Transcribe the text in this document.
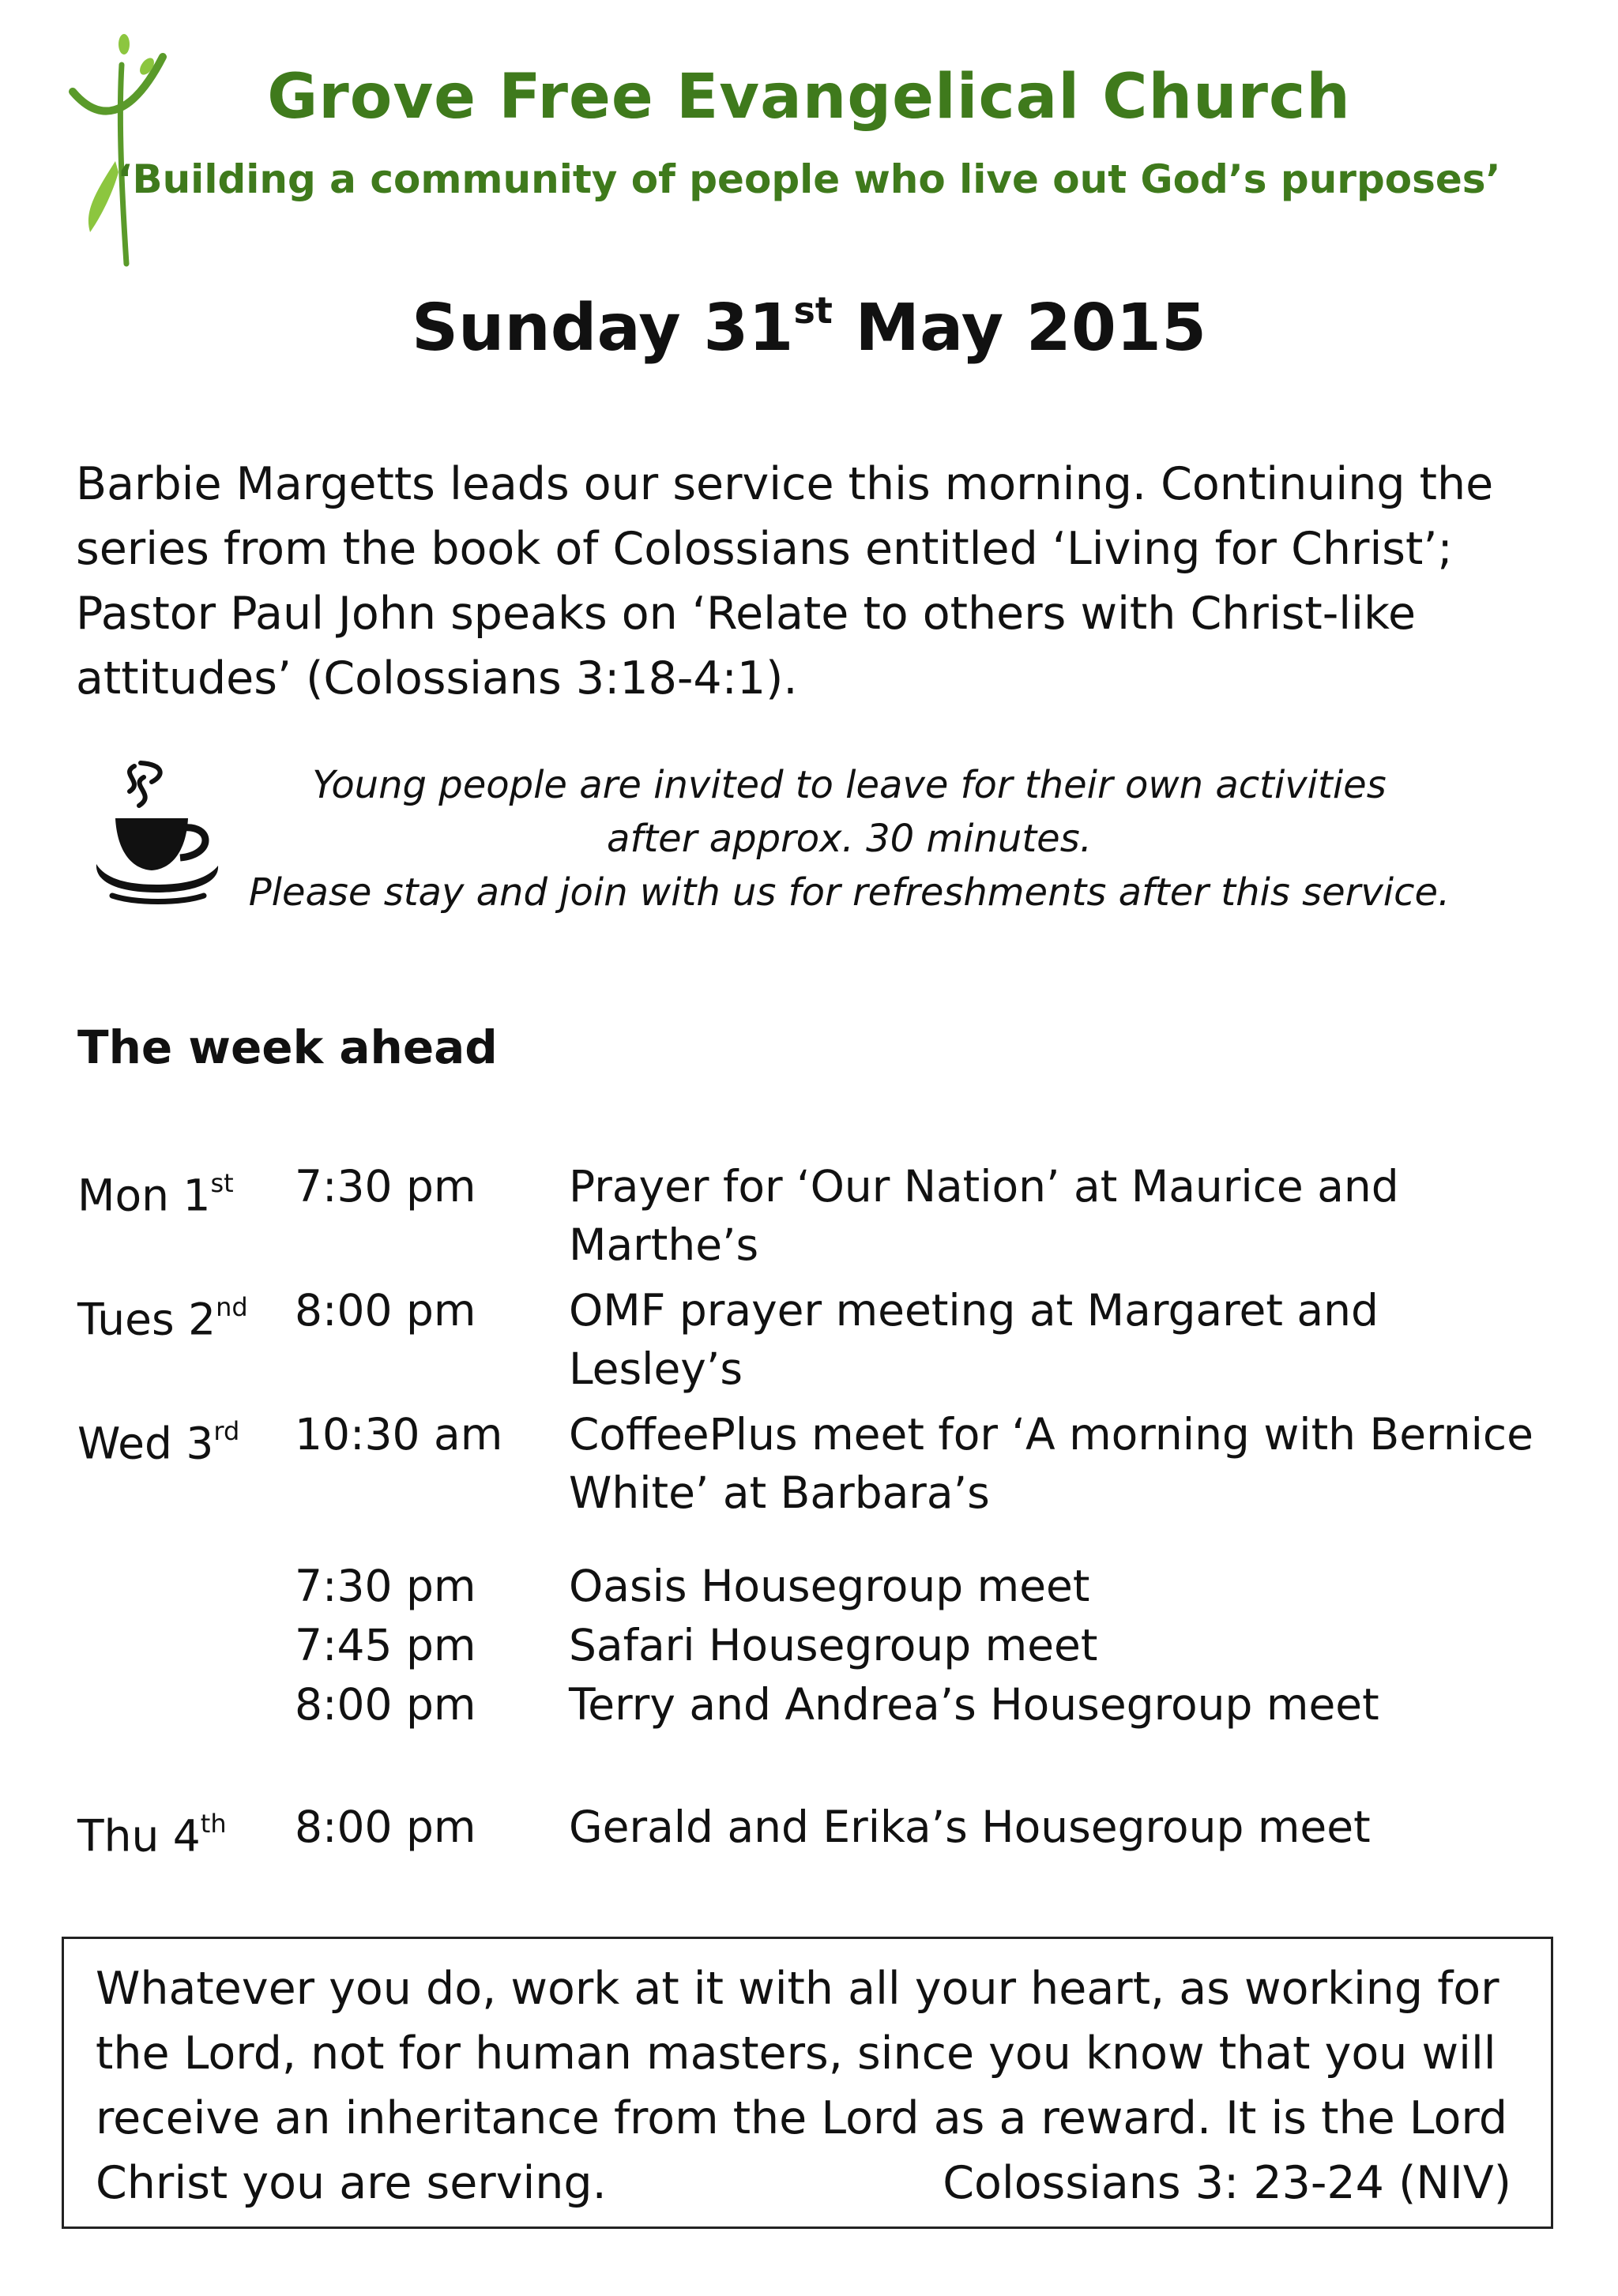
Grove Free Evangelical Church
‘Building a community of people who live out God’s purposes’
Sunday 31st May 2015

Barbie Margetts leads our service this morning. Continuing the series from the book of Colossians entitled ‘Living for Christ’; Pastor Paul John speaks on ‘Relate to others with Christ-like attitudes’ (Colossians 3:18-4:1).

Young people are invited to leave for their own activities
after approx. 30 minutes.
Please stay and join with us for refreshments after this service.
The week ahead
Mon 1st 7:30 pm Prayer for ‘Our Nation’ at Maurice and Marthe’s
Tues 2nd 8:00 pm OMF prayer meeting at Margaret and Lesley’s
Wed 3rd 10:30 am CoffeePlus meet for ‘A morning with Bernice White’ at Barbara’s
7:30 pm Oasis Housegroup meet
7:45 pm Safari Housegroup meet
8:00 pm Terry and Andrea’s Housegroup meet
Thu 4th 8:00 pm Gerald and Erika’s Housegroup meet

Whatever you do, work at it with all your heart, as working for the Lord, not for human masters, since you know that you will receive an inheritance from the Lord as a reward. It is the Lord Christ you are serving.	Colossians 3: 23-24 (NIV)
